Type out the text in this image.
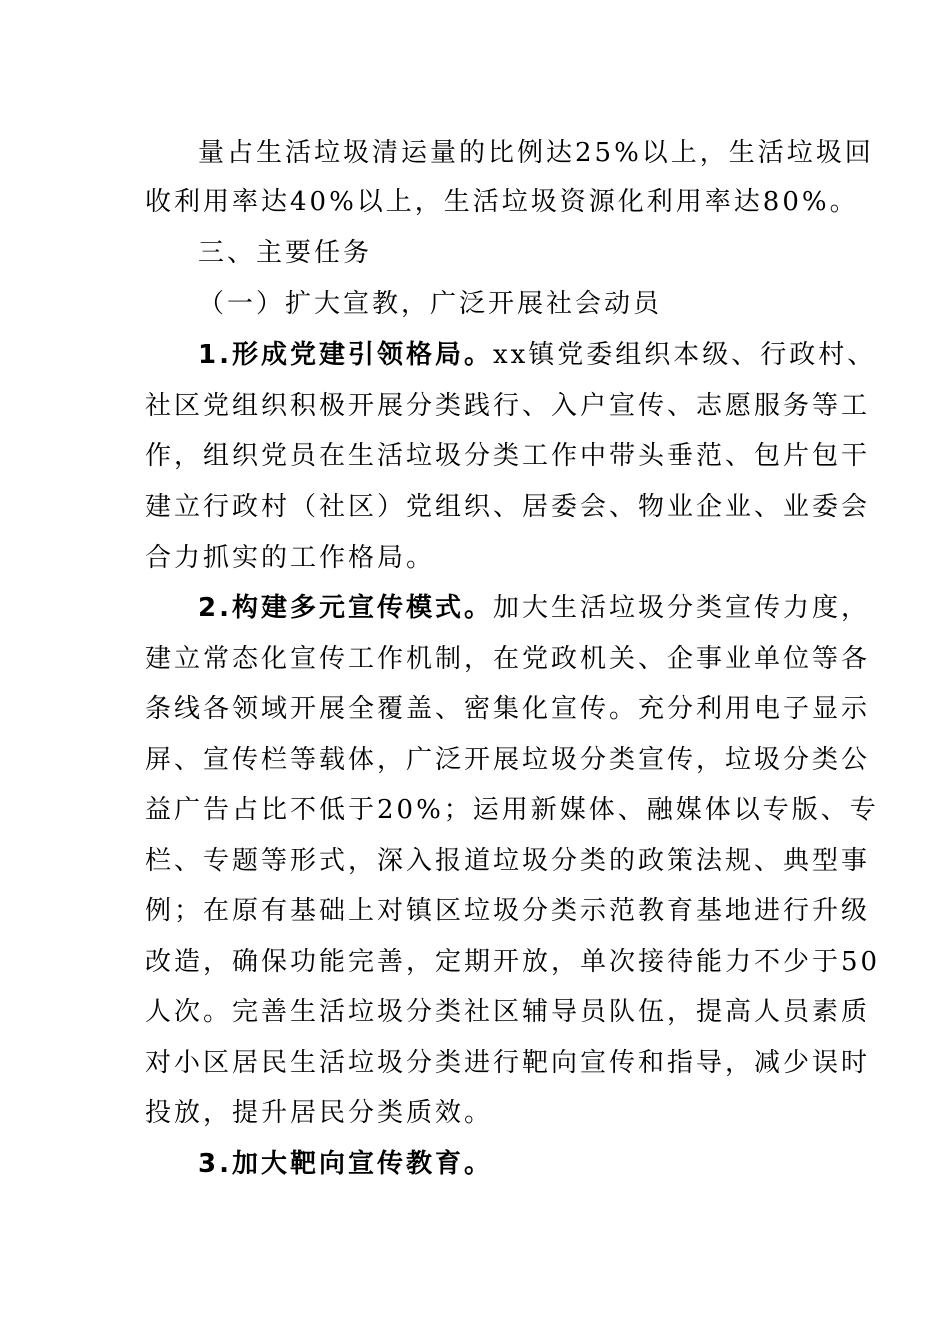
量占生活垃圾清运量的比例达25%以上，生活垃圾回
收利用率达40%以上，生活垃圾资源化利用率达80%。
三、主要任务
（一）扩大宣教，广泛开展社会动员
1.形成党建引领格局。xx镇党委组织本级、行政村、
社区党组织积极开展分类践行、入户宣传、志愿服务等工
作，组织党员在生活垃圾分类工作中带头垂范、包片包干
建立行政村（社区）党组织、居委会、物业企业、业委会
合力抓实的工作格局。
2.构建多元宣传模式。加大生活垃圾分类宣传力度，
建立常态化宣传工作机制，在党政机关、企事业单位等各
条线各领域开展全覆盖、密集化宣传。充分利用电子显示
屏、宣传栏等载体，广泛开展垃圾分类宣传，垃圾分类公
益广告占比不低于20%；运用新媒体、融媒体以专版、专
栏、专题等形式，深入报道垃圾分类的政策法规、典型事
例；在原有基础上对镇区垃圾分类示范教育基地进行升级
改造，确保功能完善，定期开放，单次接待能力不少于50
人次。完善生活垃圾分类社区辅导员队伍，提高人员素质
对小区居民生活垃圾分类进行靶向宣传和指导，减少误时
投放，提升居民分类质效。
3.加大靶向宣传教育。
